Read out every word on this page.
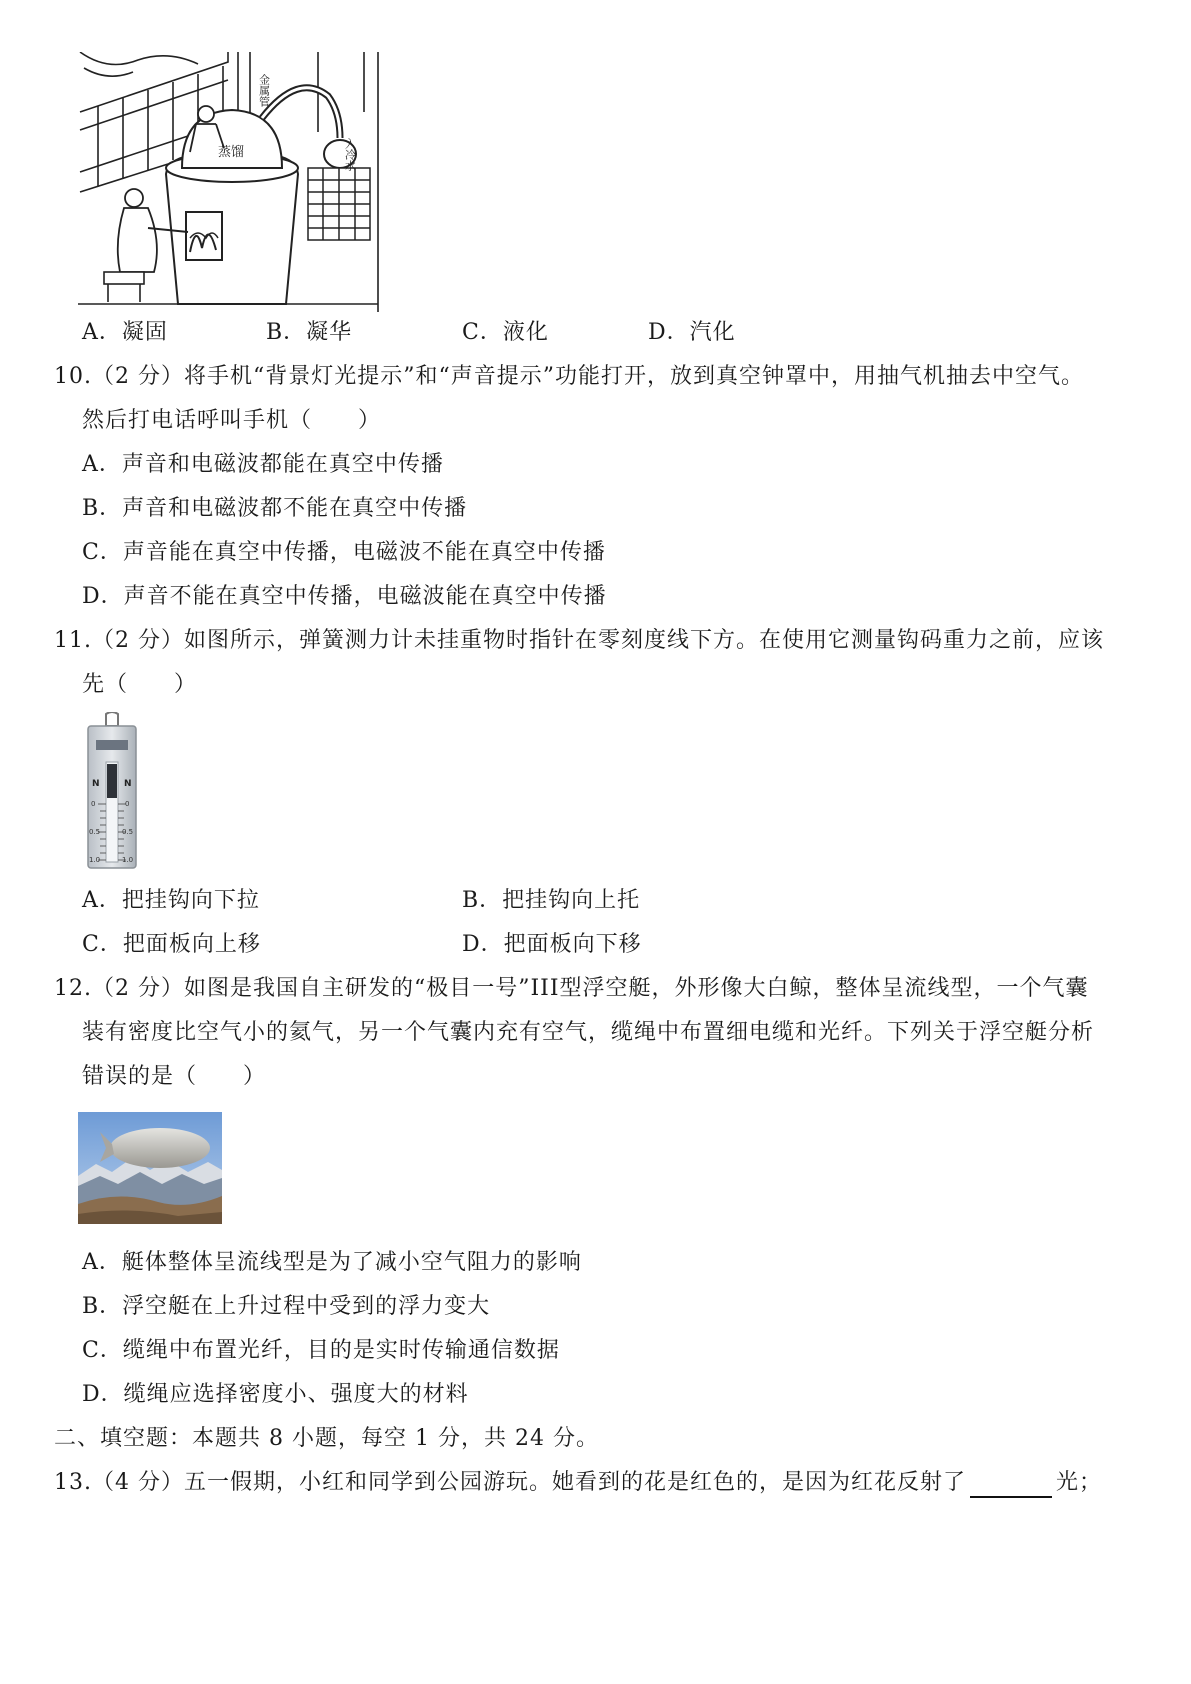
蒸馏	入冷水
金属管
A．凝固	B．凝华	C．液化	D．汽化
10.（2 分）将手机“背景灯光提示”和“声音提示”功能打开，放到真空钟罩中，用抽气机抽去中空气。
然后打电话呼叫手机（　　）
A．声音和电磁波都能在真空中传播
B．声音和电磁波都不能在真空中传播
C．声音能在真空中传播，电磁波不能在真空中传播
D．声音不能在真空中传播，电磁波能在真空中传播
11.（2 分）如图所示，弹簧测力计未挂重物时指针在零刻度线下方。在使用它测量钩码重力之前，应该
先（　　）
N	N
0	0
0.5	0.5
1.0	1.0
A．把挂钩向下拉	B．把挂钩向上托
C．把面板向上移	D．把面板向下移
12.（2 分）如图是我国自主研发的“极目一号”III型浮空艇，外形像大白鲸，整体呈流线型，一个气囊
装有密度比空气小的氦气，另一个气囊内充有空气，缆绳中布置细电缆和光纤。下列关于浮空艇分析
错误的是（　　）
A．艇体整体呈流线型是为了减小空气阻力的影响
B．浮空艇在上升过程中受到的浮力变大
C．缆绳中布置光纤，目的是实时传输通信数据
D．缆绳应选择密度小、强度大的材料
二、填空题：本题共 8 小题，每空 1 分，共 24 分。
13.（4 分）五一假期，小红和同学到公园游玩。她看到的花是红色的，是因为红花反射了	光；
